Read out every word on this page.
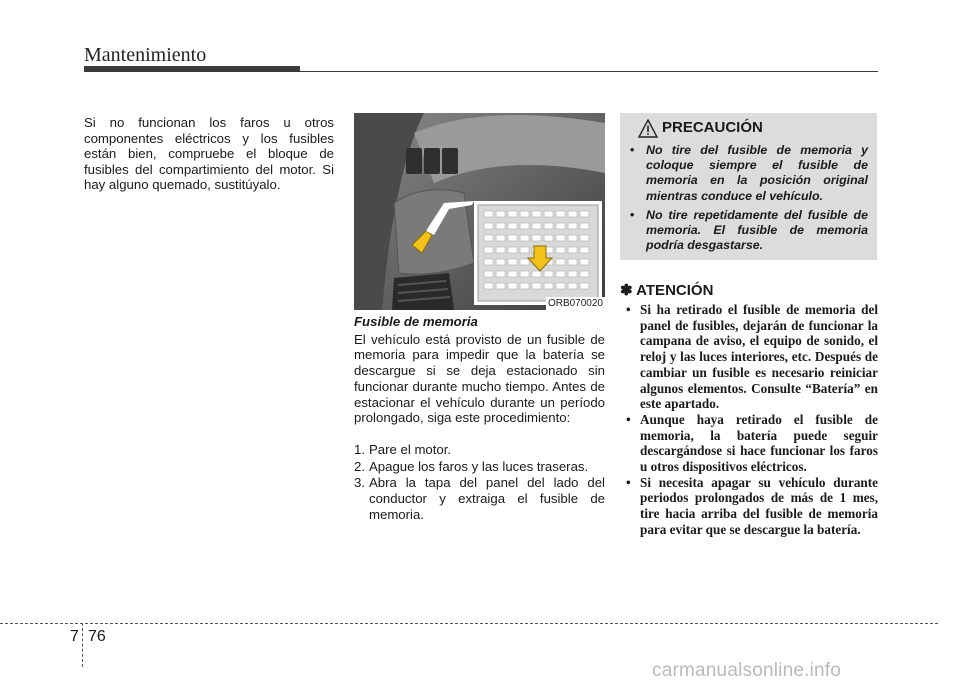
Mantenimiento
Si no funcionan los faros u otros componentes eléctricos y los fusibles están bien, compruebe el bloque de fusibles del compartimiento del motor. Si hay alguno quemado, sustitúyalo.
ORB070020

Fusible de memoria

El vehículo está provisto de un fusible de memoria para impedir que la batería se descargue si se deja estacionado sin funcionar durante mucho tiempo. Antes de estacionar el vehículo durante un período prolongado, siga este procedimiento:

1. Pare el motor.
2. Apague los faros y las luces traseras.
3. Abra la tapa del panel del lado del conductor y extraiga el fusible de memoria.
PRECAUCIÓN
• No tire del fusible de memoria y coloque siempre el fusible de memoria en la posición original mientras conduce el vehículo.
• No tire repetidamente del fusible de memoria. El fusible de memoria podría desgastarse.
✽ ATENCIÓN
• Si ha retirado el fusible de memoria del panel de fusibles, dejarán de funcionar la campana de aviso, el equipo de sonido, el reloj y las luces interiores, etc. Después de cambiar un fusible es necesario reiniciar algunos elementos. Consulte “Batería” en este apartado.
• Aunque haya retirado el fusible de memoria, la batería puede seguir descargándose si hace funcionar los faros u otros dispositivos eléctricos.
• Si necesita apagar su vehículo durante periodos prolongados de más de 1 mes, tire hacia arriba del fusible de memoria para evitar que se descargue la batería.
7 76
carmanualsonline.info
